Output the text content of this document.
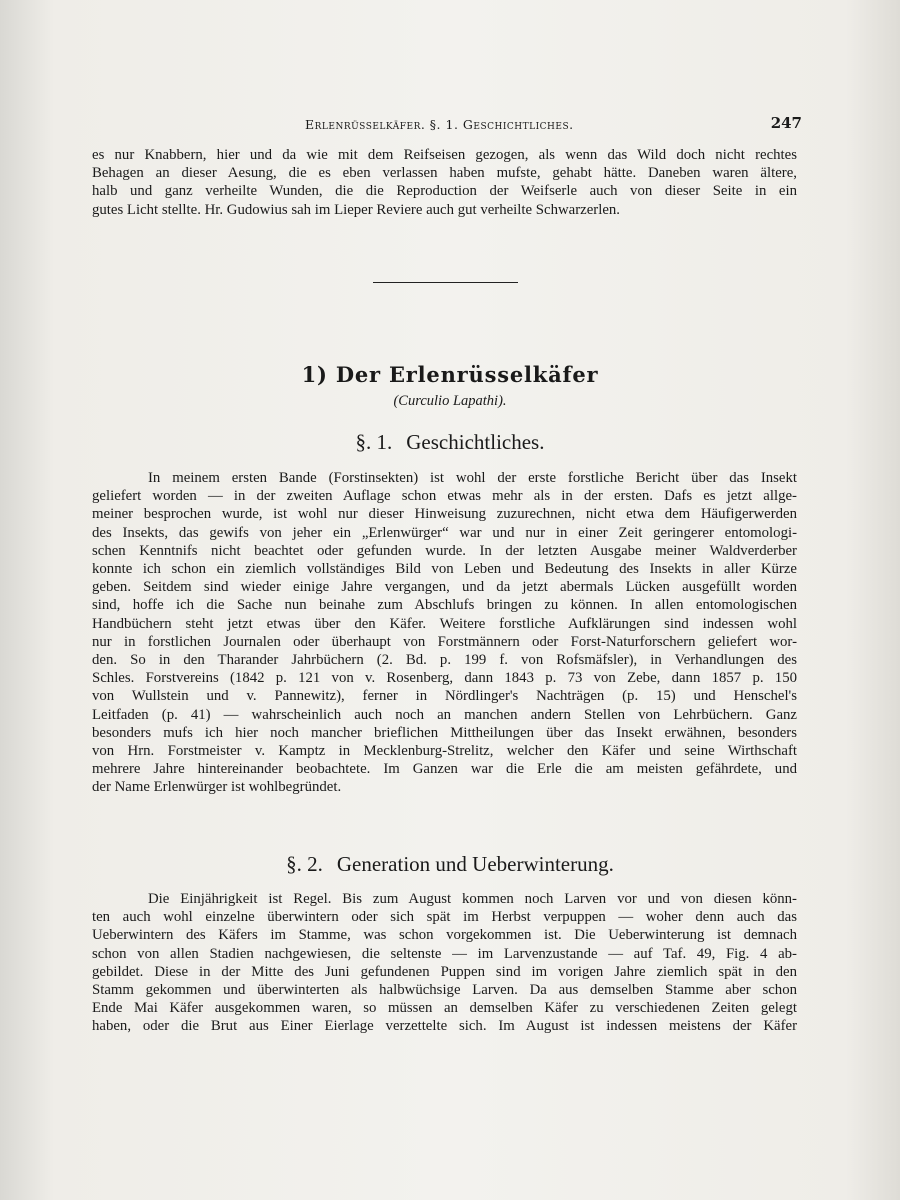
Erlenrüsselkäfer. §. 1. Geschichtliches.	247
es nur Knabbern, hier und da wie mit dem Reifseisen gezogen, als wenn das Wild doch nicht rechtes
Behagen an dieser Aesung, die es eben verlassen haben mufste, gehabt hätte. Daneben waren ältere,
halb und ganz verheilte Wunden, die die Reproduction der Weifserle auch von dieser Seite in ein
gutes Licht stellte. Hr. Gudowius sah im Lieper Reviere auch gut verheilte Schwarzerlen.
1) Der Erlenrüsselkäfer
(Curculio Lapathi).
§. 1. Geschichtliches.
In meinem ersten Bande (Forstinsekten) ist wohl der erste forstliche Bericht über das Insekt
geliefert worden — in der zweiten Auflage schon etwas mehr als in der ersten. Dafs es jetzt allge-
meiner besprochen wurde, ist wohl nur dieser Hinweisung zuzurechnen, nicht etwa dem Häufigerwerden
des Insekts, das gewifs von jeher ein „Erlenwürger“ war und nur in einer Zeit geringerer entomologi-
schen Kenntnifs nicht beachtet oder gefunden wurde. In der letzten Ausgabe meiner Waldverderber
konnte ich schon ein ziemlich vollständiges Bild von Leben und Bedeutung des Insekts in aller Kürze
geben. Seitdem sind wieder einige Jahre vergangen, und da jetzt abermals Lücken ausgefüllt worden
sind, hoffe ich die Sache nun beinahe zum Abschlufs bringen zu können. In allen entomologischen
Handbüchern steht jetzt etwas über den Käfer. Weitere forstliche Aufklärungen sind indessen wohl
nur in forstlichen Journalen oder überhaupt von Forstmännern oder Forst-Naturforschern geliefert wor-
den. So in den Tharander Jahrbüchern (2. Bd. p. 199 f. von Rofsmäfsler), in Verhandlungen des
Schles. Forstvereins (1842 p. 121 von v. Rosenberg, dann 1843 p. 73 von Zebe, dann 1857 p. 150
von Wullstein und v. Pannewitz), ferner in Nördlinger's Nachträgen (p. 15) und Henschel's
Leitfaden (p. 41) — wahrscheinlich auch noch an manchen andern Stellen von Lehrbüchern. Ganz
besonders mufs ich hier noch mancher brieflichen Mittheilungen über das Insekt erwähnen, besonders
von Hrn. Forstmeister v. Kamptz in Mecklenburg-Strelitz, welcher den Käfer und seine Wirthschaft
mehrere Jahre hintereinander beobachtete. Im Ganzen war die Erle die am meisten gefährdete, und
der Name Erlenwürger ist wohlbegründet.
§. 2. Generation und Ueberwinterung.
Die Einjährigkeit ist Regel. Bis zum August kommen noch Larven vor und von diesen könn-
ten auch wohl einzelne überwintern oder sich spät im Herbst verpuppen — woher denn auch das
Ueberwintern des Käfers im Stamme, was schon vorgekommen ist. Die Ueberwinterung ist demnach
schon von allen Stadien nachgewiesen, die seltenste — im Larvenzustande — auf Taf. 49, Fig. 4 ab-
gebildet. Diese in der Mitte des Juni gefundenen Puppen sind im vorigen Jahre ziemlich spät in den
Stamm gekommen und überwinterten als halbwüchsige Larven. Da aus demselben Stamme aber schon
Ende Mai Käfer ausgekommen waren, so müssen an demselben Käfer zu verschiedenen Zeiten gelegt
haben, oder die Brut aus Einer Eierlage verzettelte sich. Im August ist indessen meistens der Käfer
